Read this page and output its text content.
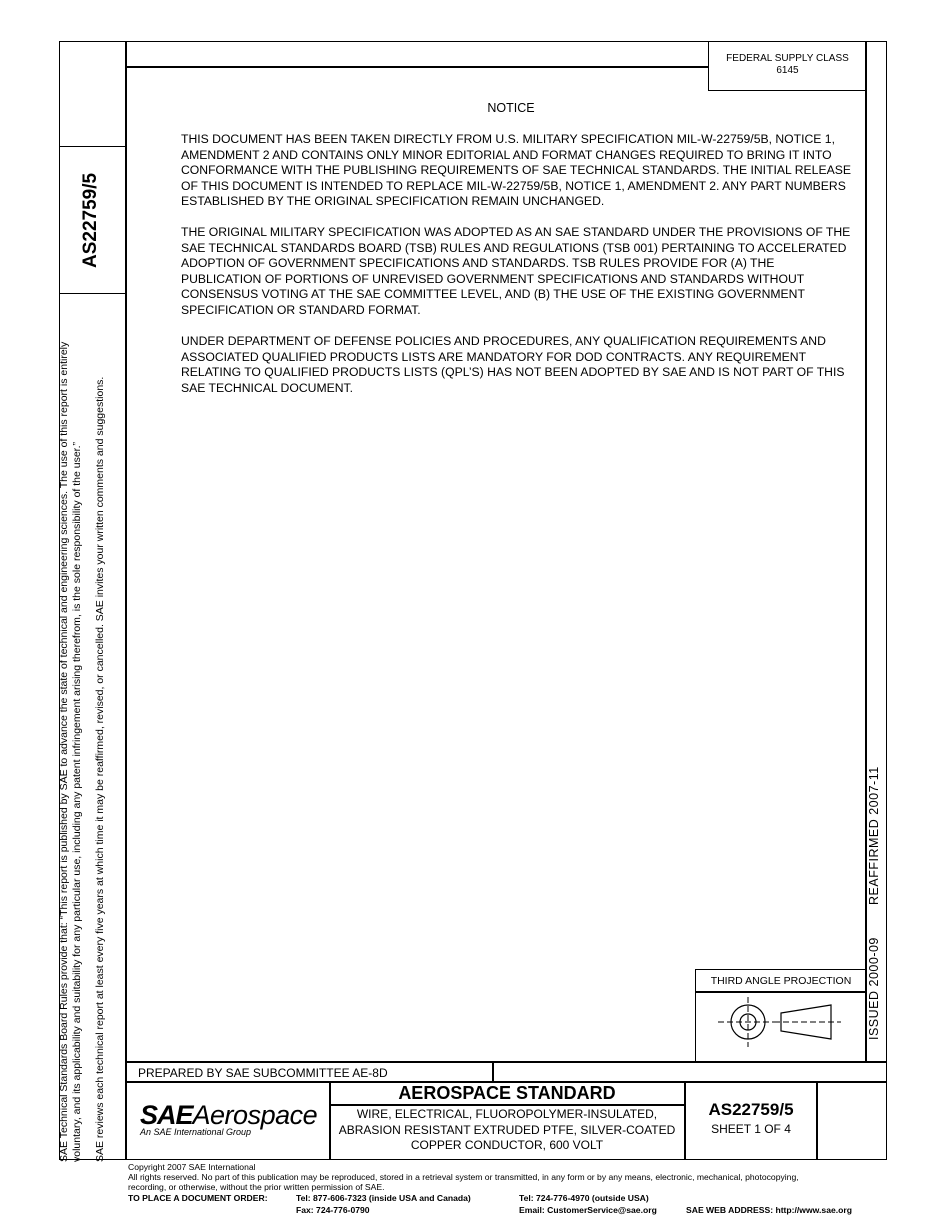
FEDERAL SUPPLY CLASS
6145
AS22759/5
SAE Technical Standards Board Rules provide that: “This report is published by SAE to advance the state of technical and engineering sciences. The use of this report is entirely voluntary, and its applicability and suitability for any particular use, including any patent infringement arising therefrom, is the sole responsibility of the user.” SAE reviews each technical report at least every five years at which time it may be reaffirmed, revised, or cancelled. SAE invites your written comments and suggestions.
NOTICE

THIS DOCUMENT HAS BEEN TAKEN DIRECTLY FROM U.S. MILITARY SPECIFICATION MIL-W-22759/5B, NOTICE 1, AMENDMENT 2 AND CONTAINS ONLY MINOR EDITORIAL AND FORMAT CHANGES REQUIRED TO BRING IT INTO CONFORMANCE WITH THE PUBLISHING REQUIREMENTS OF SAE TECHNICAL STANDARDS. THE INITIAL RELEASE OF THIS DOCUMENT IS INTENDED TO REPLACE MIL-W-22759/5B, NOTICE 1, AMENDMENT 2. ANY PART NUMBERS ESTABLISHED BY THE ORIGINAL SPECIFICATION REMAIN UNCHANGED.

THE ORIGINAL MILITARY SPECIFICATION WAS ADOPTED AS AN SAE STANDARD UNDER THE PROVISIONS OF THE SAE TECHNICAL STANDARDS BOARD (TSB) RULES AND REGULATIONS (TSB 001) PERTAINING TO ACCELERATED ADOPTION OF GOVERNMENT SPECIFICATIONS AND STANDARDS. TSB RULES PROVIDE FOR (A) THE PUBLICATION OF PORTIONS OF UNREVISED GOVERNMENT SPECIFICATIONS AND STANDARDS WITHOUT CONSENSUS VOTING AT THE SAE COMMITTEE LEVEL, AND (B) THE USE OF THE EXISTING GOVERNMENT SPECIFICATION OR STANDARD FORMAT.

UNDER DEPARTMENT OF DEFENSE POLICIES AND PROCEDURES, ANY QUALIFICATION REQUIREMENTS AND ASSOCIATED QUALIFIED PRODUCTS LISTS ARE MANDATORY FOR DOD CONTRACTS. ANY REQUIREMENT RELATING TO QUALIFIED PRODUCTS LISTS (QPL’S) HAS NOT BEEN ADOPTED BY SAE AND IS NOT PART OF THIS SAE TECHNICAL DOCUMENT.

ISSUED 2000-09
REAFFIRMED 2007-11
THIRD ANGLE PROJECTION
PREPARED BY SAE SUBCOMMITTEE AE-8D
SAEAerospace
An SAE International Group
AEROSPACE STANDARD
WIRE, ELECTRICAL, FLUOROPOLYMER-INSULATED,
ABRASION RESISTANT EXTRUDED PTFE, SILVER-COATED
COPPER CONDUCTOR, 600 VOLT
AS22759/5
SHEET 1 OF 4
Copyright 2007 SAE International
All rights reserved. No part of this publication may be reproduced, stored in a retrieval system or transmitted, in any form or by any means, electronic, mechanical, photocopying,
recording, or otherwise, without the prior written permission of SAE.
TO PLACE A DOCUMENT ORDER:	Tel: 877-606-7323 (inside USA and Canada)	Tel: 724-776-4970 (outside USA)
Fax: 724-776-0790	Email: CustomerService@sae.org	SAE WEB ADDRESS: http://www.sae.org
